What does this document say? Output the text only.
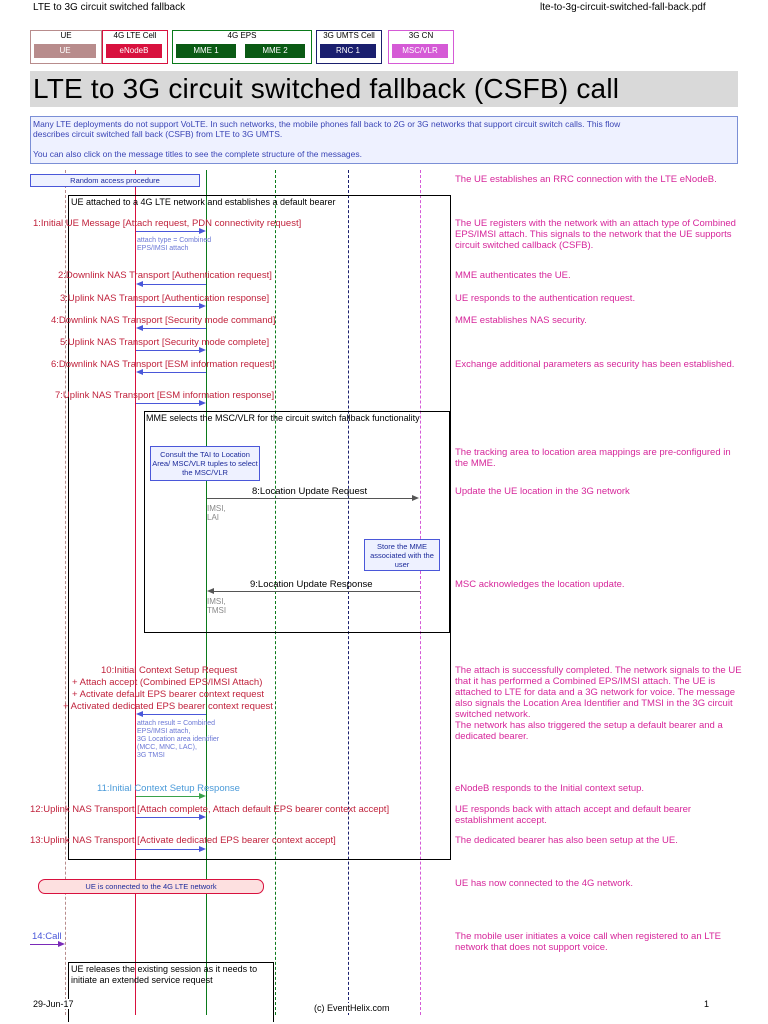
LTE to 3G circuit switched fallback	lte-to-3g-circuit-switched-fall-back.pdf
UE
UE
4G LTE Cell
eNodeB
4G EPS
MME 1	MME 2
3G UMTS Cell
RNC 1
3G CN
MSC/VLR
LTE to 3G circuit switched fallback (CSFB) call
Many LTE deployments do not support VoLTE. In such networks, the mobile phones fall back to 2G or 3G networks that support circuit switch calls. This flow
describes circuit switched fall back (CSFB) from LTE to 3G UMTS.
You can also click on the message titles to see the complete structure of the messages.
Random access procedure	The UE establishes an RRC connection with the LTE eNodeB.
UE attached to a 4G LTE network and establishes a default bearer
1:Initial UE Message [Attach request, PDN connectivity request]
attach type = Combined
EPS/IMSI attach
The UE registers with the network with an attach type of Combined EPS/IMSI attach. This signals to the network that the UE supports circuit switched callback (CSFB).
2:Downlink NAS Transport [Authentication request]	MME authenticates the UE.
3:Uplink NAS Transport [Authentication response]	UE responds to the authentication request.
4:Downlink NAS Transport [Security mode command]	MME establishes NAS security.
5:Uplink NAS Transport [Security mode complete]
6:Downlink NAS Transport [ESM information request]	Exchange additional parameters as security has been established.
7:Uplink NAS Transport [ESM information response]
MME selects the MSC/VLR for the circuit switch fallback functionality
Consult the TAI to Location Area/ MSC/VLR tuples to select the MSC/VLR
The tracking area to location area mappings are pre-configured in the MME.
8:Location Update Request
IMSI,
LAI
Update the UE location in the 3G network
Store the MME associated with the user
9:Location Update Response
IMSI,
TMSI
MSC acknowledges the location update.
10:Initial Context Setup Request
+ Attach accept (Combined EPS/IMSI Attach)
+ Activate default EPS bearer context request
+ Activated dedicated EPS bearer context request
attach result = Combined
EPS/IMSI attach,
3G Location area identifier
(MCC, MNC, LAC),
3G TMSI
The attach is successfully completed. The network signals to the UE that it has performed a Combined EPS/IMSI attach. The UE is attached to LTE for data and a 3G network for voice. The message also signals the Location Area Identifier and TMSI in the 3G circuit switched network.
The network has also triggered the setup a default bearer and a dedicated bearer.
11:Initial Context Setup Response	eNodeB responds to the Initial context setup.
12:Uplink NAS Transport [Attach complete, Attach default EPS bearer context accept]	UE responds back with attach accept and default bearer establishment accept.
13:Uplink NAS Transport [Activate dedicated EPS bearer context accept]	The dedicated bearer has also been setup at the UE.
UE is connected to the 4G LTE network	UE has now connected to the 4G network.
14:Call	The mobile user initiates a voice call when registered to an LTE network that does not support voice.
UE releases the existing session as it needs to
initiate an extended service request
29-Jun-17	(c) EventHelix.com	1
